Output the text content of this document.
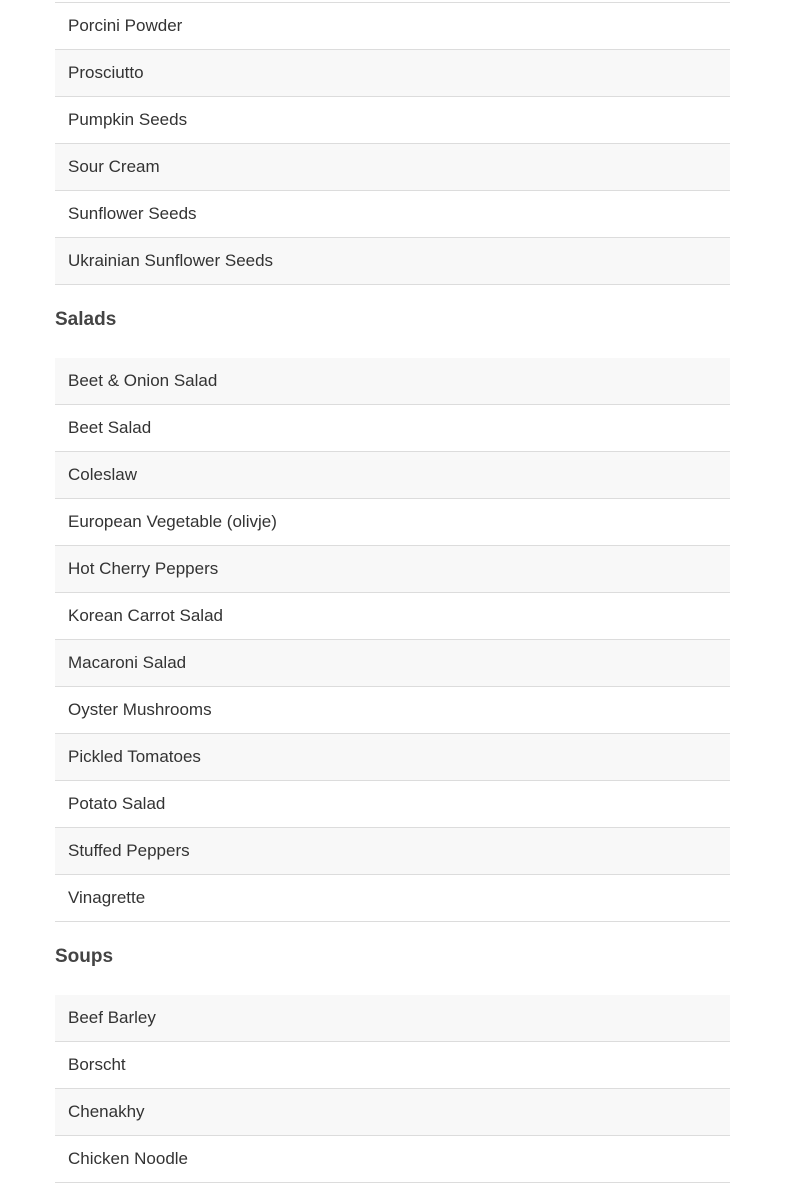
Porcini Powder
Prosciutto
Pumpkin Seeds
Sour Cream
Sunflower Seeds
Ukrainian Sunflower Seeds
Salads
Beet & Onion Salad
Beet Salad
Coleslaw
European Vegetable (olivje)
Hot Cherry Peppers
Korean Carrot Salad
Macaroni Salad
Oyster Mushrooms
Pickled Tomatoes
Potato Salad
Stuffed Peppers
Vinagrette
Soups
Beef Barley
Borscht
Chenakhy
Chicken Noodle
